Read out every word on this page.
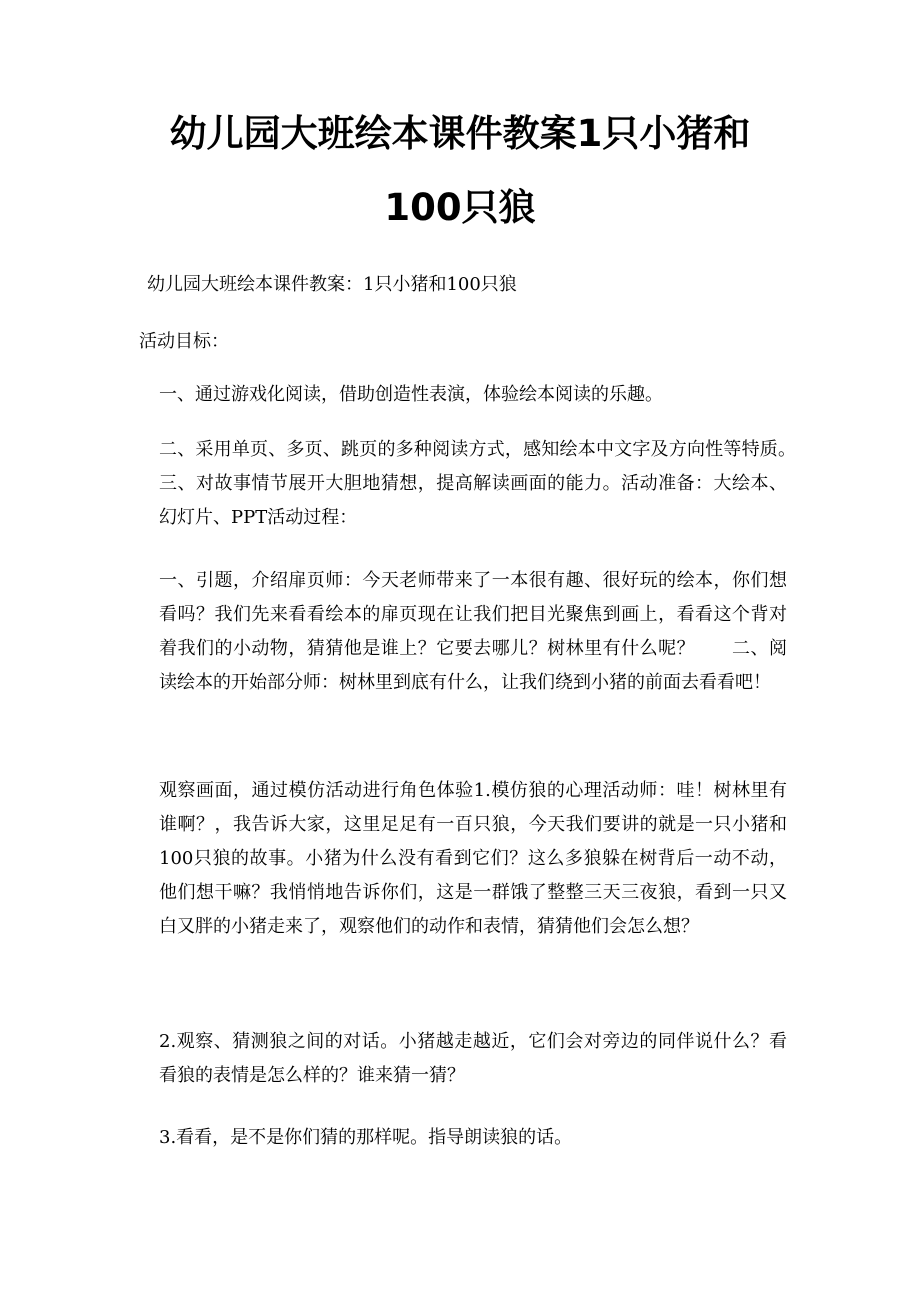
幼儿园大班绘本课件教案1只小猪和
100只狼

幼儿园大班绘本课件教案：1只小猪和100只狼

活动目标：

一、通过游戏化阅读，借助创造性表演，体验绘本阅读的乐趣。

二、采用单页、多页、跳页的多种阅读方式，感知绘本中文字及方向性等特质。　　三、对故事情节展开大胆地猜想，提高解读画面的能力。活动准备：大绘本、幻灯片、PPT活动过程：

一、引题，介绍扉页师：今天老师带来了一本很有趣、很好玩的绘本，你们想看吗？我们先来看看绘本的扉页现在让我们把目光聚焦到画上，看看这个背对着我们的小动物，猜猜他是谁上？它要去哪儿？树林里有什么呢？　　二、阅读绘本的开始部分师：树林里到底有什么，让我们绕到小猪的前面去看看吧！

观察画面，通过模仿活动进行角色体验1.模仿狼的心理活动师：哇！树林里有谁啊？，我告诉大家，这里足足有一百只狼，今天我们要讲的就是一只小猪和100只狼的故事。小猪为什么没有看到它们？这么多狼躲在树背后一动不动，他们想干嘛？我悄悄地告诉你们，这是一群饿了整整三天三夜狼，看到一只又白又胖的小猪走来了，观察他们的动作和表情，猜猜他们会怎么想？

2.观察、猜测狼之间的对话。小猪越走越近，它们会对旁边的同伴说什么？看看狼的表情是怎么样的？谁来猜一猜？

3.看看，是不是你们猜的那样呢。指导朗读狼的话。
